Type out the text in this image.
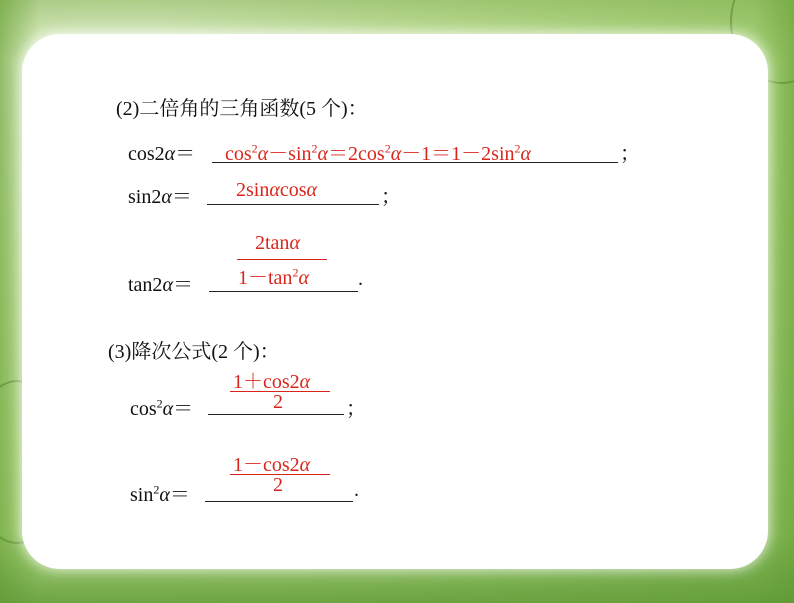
(2)二倍角的三角函数(5 个)：
$\cos 2\alpha= \cos^2\alpha-\sin^2\alpha=2\cos^2\alpha-1=1-2\sin^2\alpha$	；
sin2α＝ 2sinαcosα	；
2tanα
$1-\tan^2\alpha$
tan2α＝	.
(3)降次公式(2 个)：
1＋cos2α
2
$\cos^2\alpha=$	；
1－cos2α
2
$\sin^2\alpha=$	.
